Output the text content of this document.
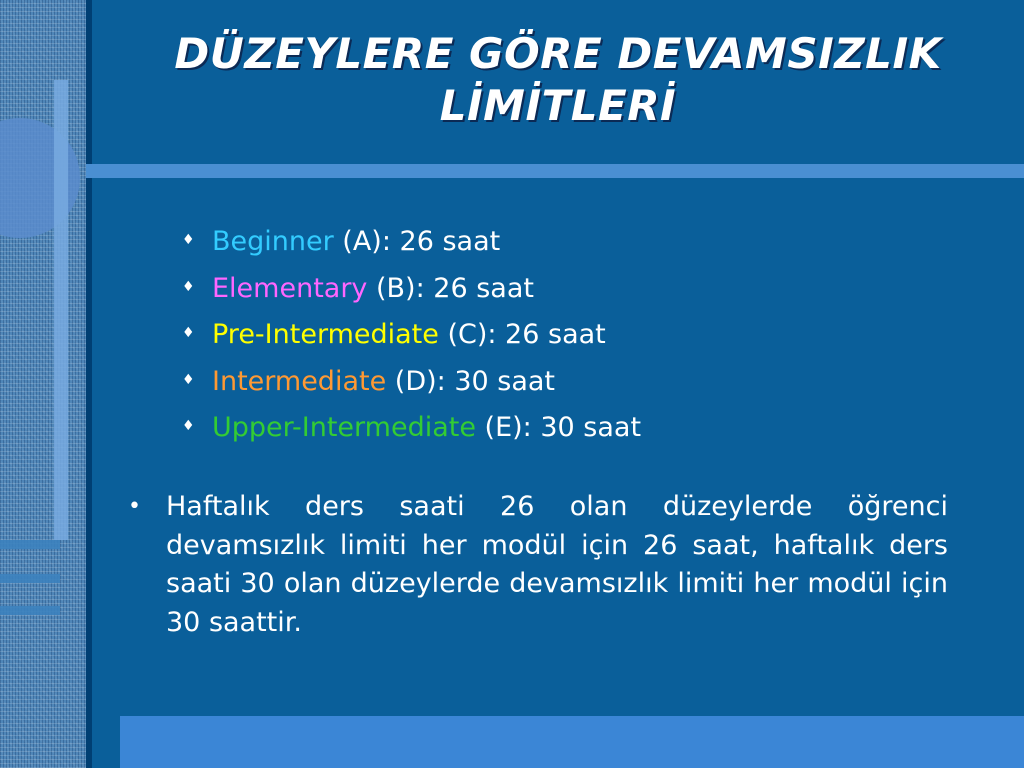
DÜZEYLERE GÖRE DEVAMSIZLIK
LİMİTLERİ
♦ Beginner (A): 26 saat
♦ Elementary (B): 26 saat
♦ Pre-Intermediate (C): 26 saat
♦ Intermediate (D): 30 saat
♦ Upper-Intermediate (E): 30 saat
• Haftalık ders saati 26 olan düzeylerde öğrenci devamsızlık limiti her modül için 26 saat, haftalık ders saati 30 olan düzeylerde devamsızlık limiti her modül için 30 saattir.
